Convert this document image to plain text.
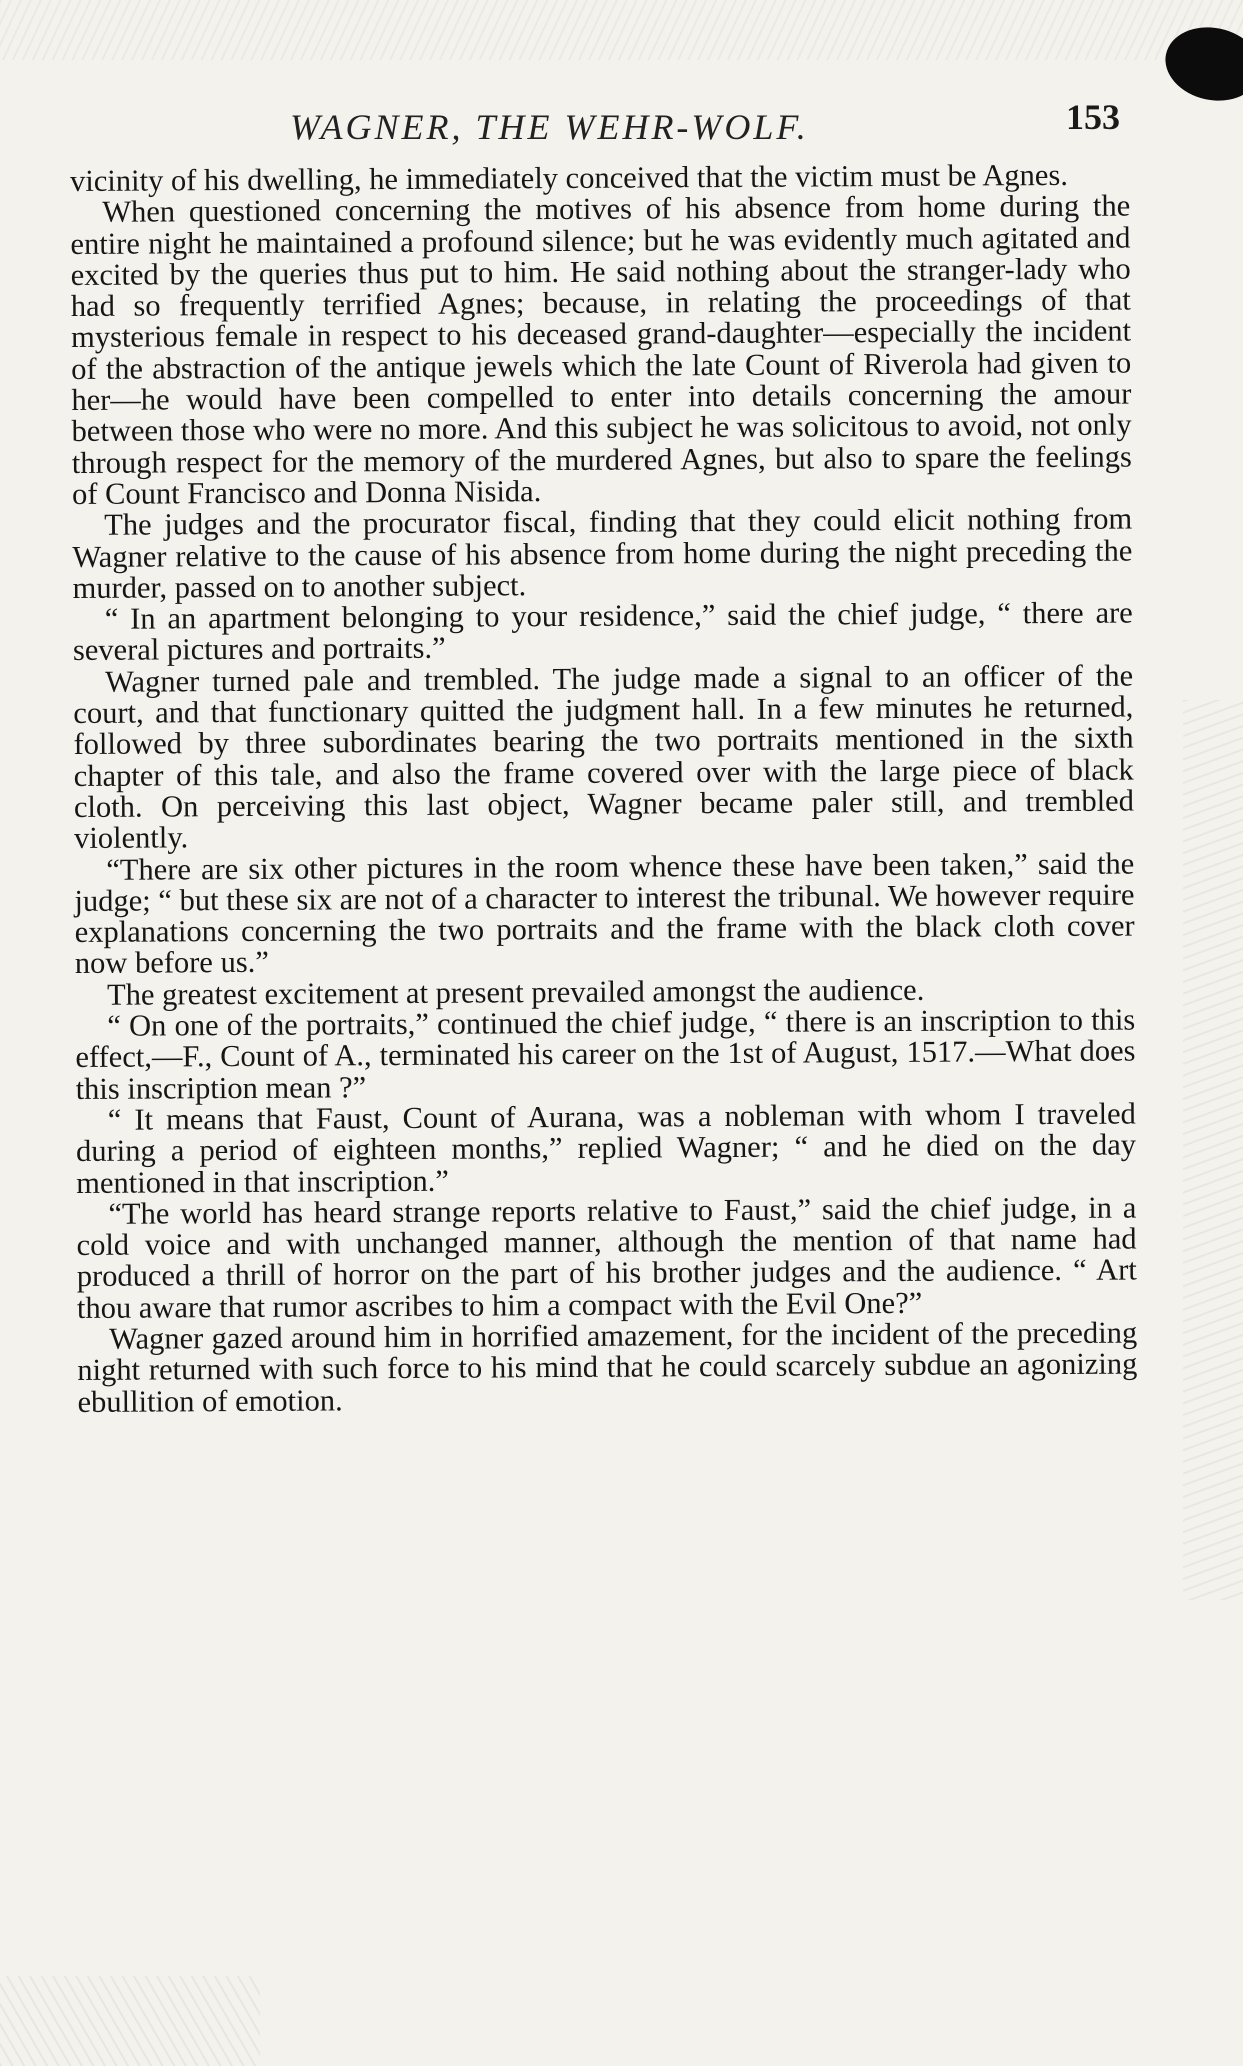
WAGNER, THE WEHR-WOLF.	153

vicinity of his dwelling, he immediately conceived that the victim must be Agnes.

When questioned concerning the motives of his absence from home during the entire night he maintained a profound silence; but he was evidently much agitated and excited by the queries thus put to him. He said nothing about the stranger-lady who had so frequently terrified Agnes; because, in relating the proceedings of that mysterious female in respect to his deceased grand-daughter—especially the incident of the abstraction of the antique jewels which the late Count of Riverola had given to her—he would have been compelled to enter into details concerning the amour between those who were no more. And this subject he was solicitous to avoid, not only through respect for the memory of the murdered Agnes, but also to spare the feelings of Count Francisco and Donna Nisida.

The judges and the procurator fiscal, finding that they could elicit nothing from Wagner relative to the cause of his absence from home during the night preceding the murder, passed on to another subject.

“ In an apartment belonging to your residence,” said the chief judge, “ there are several pictures and portraits.”

Wagner turned pale and trembled. The judge made a signal to an officer of the court, and that functionary quitted the judgment hall. In a few minutes he returned, followed by three subordinates bearing the two portraits mentioned in the sixth chapter of this tale, and also the frame covered over with the large piece of black cloth. On perceiving this last object, Wagner became paler still, and trembled violently.

“There are six other pictures in the room whence these have been taken,” said the judge; “ but these six are not of a character to interest the tribunal. We however require explanations concerning the two portraits and the frame with the black cloth cover now before us.”

The greatest excitement at present prevailed amongst the audience.

“ On one of the portraits,” continued the chief judge, “ there is an inscription to this effect,—F., Count of A., terminated his career on the 1st of August, 1517.—What does this inscription mean ?”

“ It means that Faust, Count of Aurana, was a nobleman with whom I traveled during a period of eighteen months,” replied Wagner; “ and he died on the day mentioned in that inscription.”

“The world has heard strange reports relative to Faust,” said the chief judge, in a cold voice and with unchanged manner, although the mention of that name had produced a thrill of horror on the part of his brother judges and the audience. “ Art thou aware that rumor ascribes to him a compact with the Evil One?”

Wagner gazed around him in horrified amazement, for the incident of the preceding night returned with such force to his mind that he could scarcely subdue an agonizing ebullition of emotion.
